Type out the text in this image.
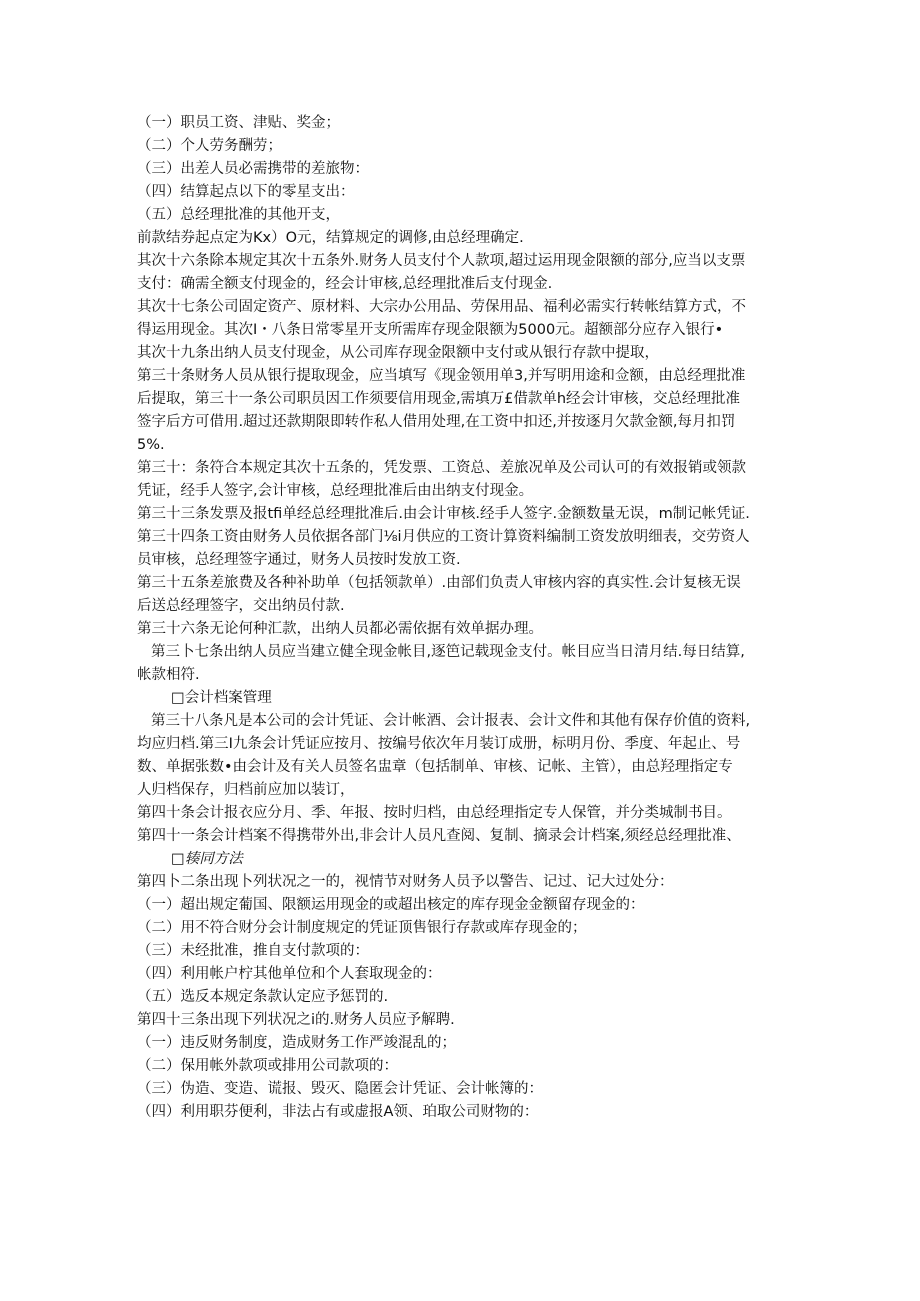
（一）职员工资、津贴、奖金；
（二）个人劳务酬劳；
（三）出差人员必需携带的差旅物：
（四）结算起点以下的零星支出：
（五）总经理批准的其他开支，
前款结券起点定为Kx）O元，结算规定的调修,由总经理确定.
其次十六条除本规定其次十五条外.财务人员支付个人款项,超过运用现金限额的部分,应当以支票
支付：确需全额支付现金的，经会计审核,总经理批准后支付现金.
其次十七条公司固定资产、原材料、大宗办公用品、劳保用品、福利必需实行转帐结算方式，不
得运用现金。其次I・八条日常零星开支所需库存现金限额为5000元。超额部分应存入银行•
其次十九条出纳人员支付现金，从公司库存现金限额中支付或从银行存款中提取，
第三十条财务人员从银行提取现金，应当填写《现金领用单3,并写明用途和佥额，由总经理批准
后提取，第三十一条公司职员因工作须要信用现金,需填万£借款单h经会计审核，交总经理批准
签字后方可借用.超过还款期限即转作私人借用处理,在工资中扣还,并按逐月欠款金额,每月扣罚
5%.
第三十：条符合本规定其次十五条的，凭发票、工资总、差旅况单及公司认可的有效报销或领款
凭证，经手人签字,会计审核，总经理批准后由出纳支付现金。
第三十三条发票及报tfi单经总经理批准后.由会计审核.经手人签字.金额数量无误，m制记帐凭证.
第三十四条工资由财务人员依据各部门⅛i月供应的工资计算资料编制工资发放明细表，交劳资人
员审核，总经理签字通过，财务人员按时发放工资.
第三十五条差旅费及各种补助单（包括领款单）.由部们负责人审核内容的真实性.会计复核无误
后送总经理签字，交出纳员付款.
第三十六条无论何种汇款，出纳人员都必需依据有效单据办理。
第三卜七条出纳人员应当建立健全现金帐目,逐笆记载现金支付。帐目应当日清月结.每日结算,
帐款相符.
□会计档案管理
第三十八条凡是本公司的会计凭证、会计帐酒、会计报表、会计文件和其他有保存价值的资料,
均应归档.第三I九条会计凭证应按月、按编号依次年月装订成册，标明月份、季度、年起止、号
数、单据张数•由会计及有关人员签名盅章（包括制单、审核、记帐、主管），由总羟理指定专
人归档保存，归档前应加以装订，
第四十条会计报衣应分月、季、年报、按时归档，由总经理指定专人保管，并分类城制书目。
第四十一条会计档案不得携带外出,非会计人员凡查阅、复制、摘录会计档案,须经总经理批准、
□辏同方法
第四卜二条出现卜列状况之一的，视情节对财务人员予以警告、记过、记大过处分：
（一）超出规定葡国、限额运用现金的或超出核定的库存现金金额留存现金的：
（二）用不符合财分会计制度规定的凭证顶售银行存款或库存现金的；
（三）未经批准，推自支付款项的：
（四）利用帐户柠其他单位和个人套取现金的：
（五）选反本规定条款认定应予惩罚的.
第四十三条出现下列状况之i的.财务人员应予解聘.
（一）违反财务制度，造成财务工作严竣混乱的；
（二）保用帐外款项或排用公司款项的：
（三）伪造、变造、谎报、毁灭、隐匿会计凭证、会计帐簿的：
（四）利用职芬便利，非法占有或虚报A领、珀取公司财物的：
